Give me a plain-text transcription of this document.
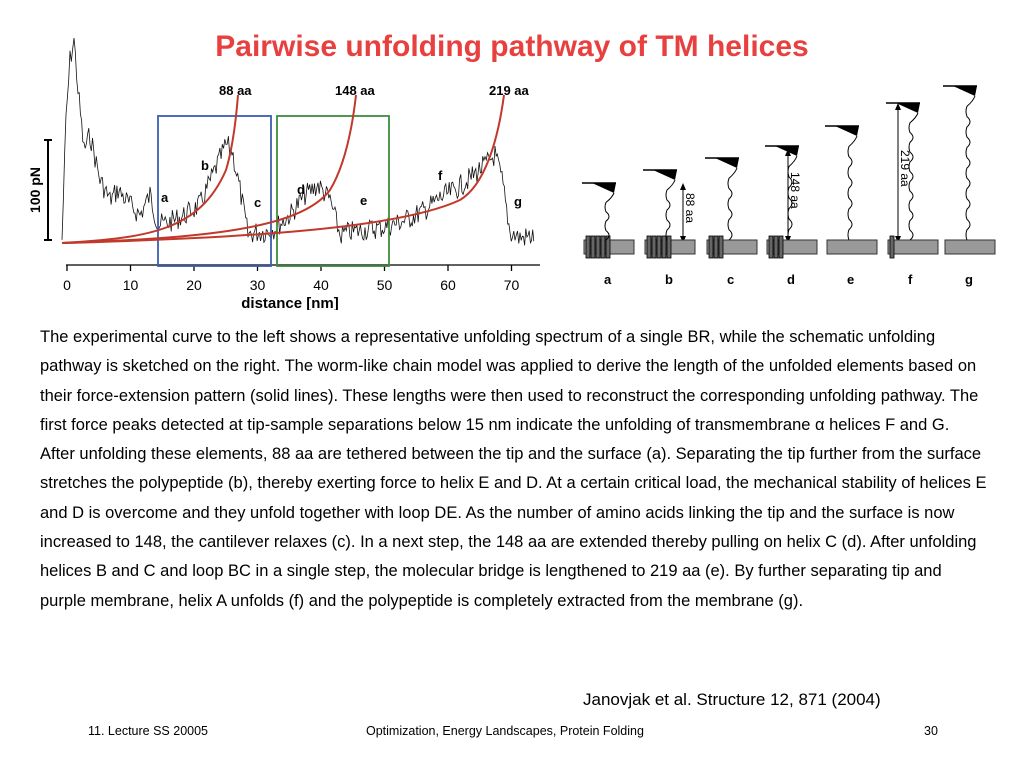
Pairwise unfolding pathway of TM helices
100 pN
0	10	20	30	40	50	60	70
distance [nm]
88 aa	148 aa	219 aa
a
b
c
d
e
f
g	88 aa	148 aa
219 aa
a	b	c	d	e	f	g

The experimental curve to the left shows a representative unfolding spectrum of a single BR, while the schematic unfolding pathway is sketched on the right. The worm-like chain model was applied to derive the length of the unfolded elements based on their force-extension pattern (solid lines). These lengths were then used to reconstruct the corresponding unfolding pathway. The first force peaks detected at tip-sample separations below 15 nm indicate the unfolding of transmembrane α helices F and G.

After unfolding these elements, 88 aa are tethered between the tip and the surface (a). Separating the tip further from the surface stretches the polypeptide (b), thereby exerting force to helix E and D. At a certain critical load, the mechanical stability of helices E and D is overcome and they unfold together with loop DE. As the number of amino acids linking the tip and the surface is now increased to 148, the cantilever relaxes (c). In a next step, the 148 aa are extended thereby pulling on helix C (d). After unfolding helices B and C and loop BC in a single step, the molecular bridge is lengthened to 219 aa (e). By further separating tip and purple membrane, helix A unfolds (f) and the polypeptide is completely extracted from the membrane (g).

Janovjak et al. Structure 12, 871 (2004)
11. Lecture SS 20005	Optimization, Energy Landscapes, Protein Folding	30
